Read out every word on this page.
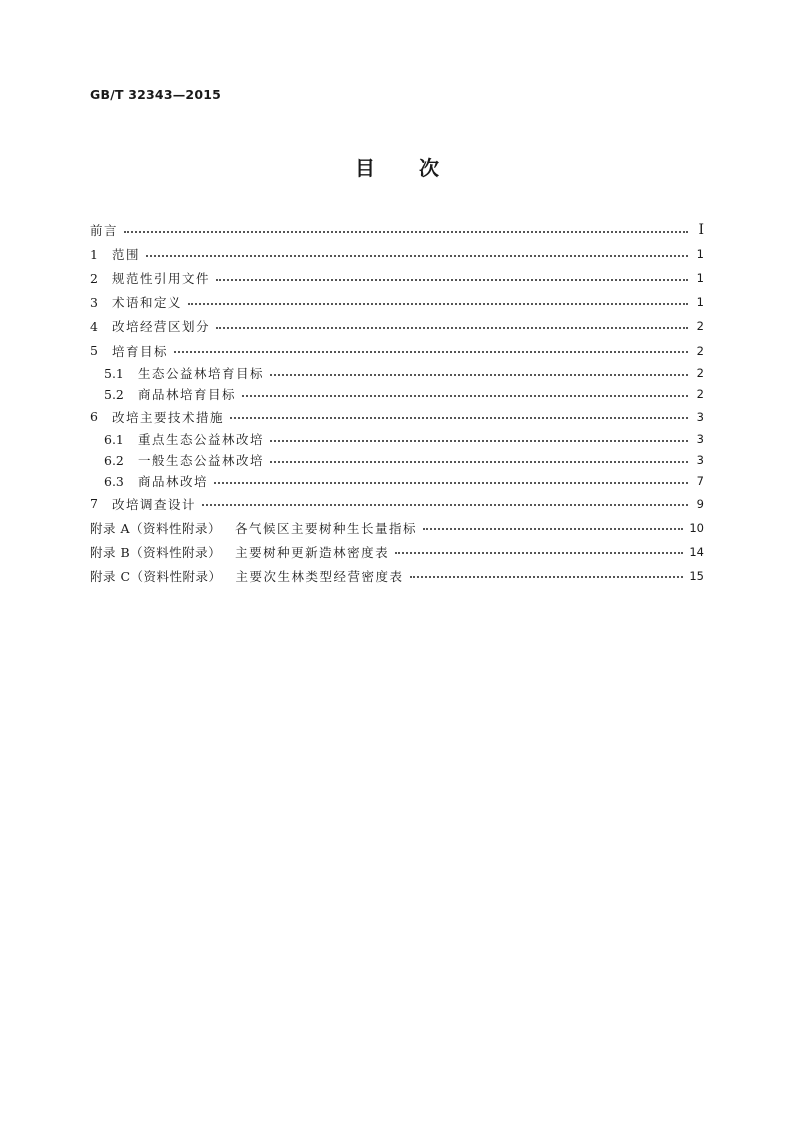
GB/T 32343—2015
目次
前言	Ⅰ
1 范围	1
2 规范性引用文件	1
3 术语和定义	1
4 改培经营区划分	2
5 培育目标	2
5.1 生态公益林培育目标	2
5.2 商品林培育目标	2
6 改培主要技术措施	3
6.1 重点生态公益林改培	3
6.2 一般生态公益林改培	3
6.3 商品林改培	7
7 改培调查设计	9
附录 A（资料性附录） 各气候区主要树种生长量指标	10
附录 B（资料性附录） 主要树种更新造林密度表	14
附录 C（资料性附录） 主要次生林类型经营密度表	15
